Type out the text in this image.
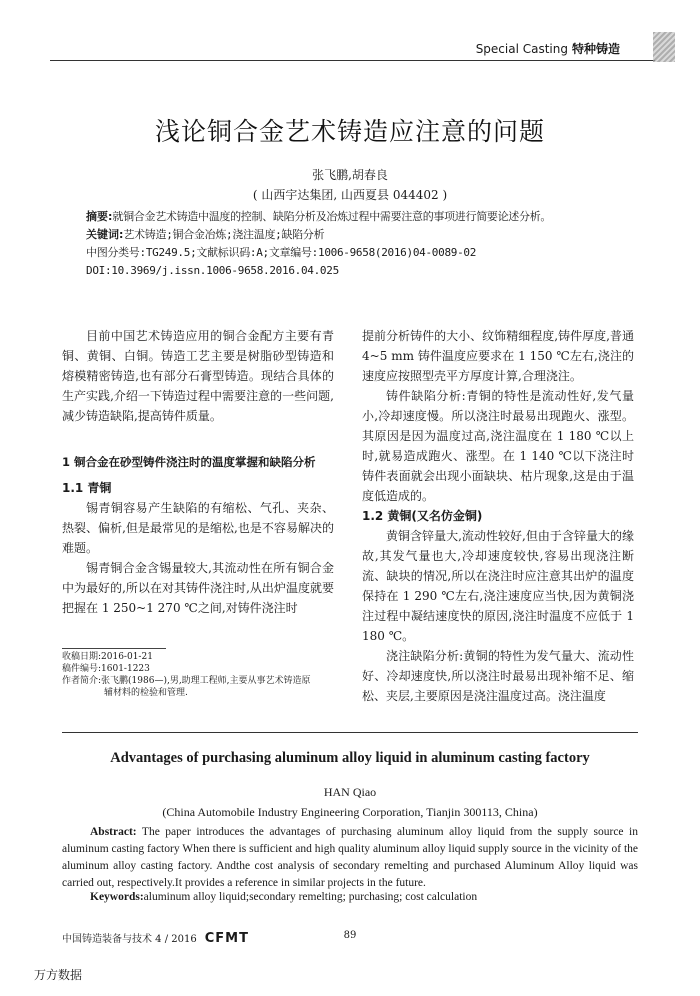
Special Casting 特种铸造
浅论铜合金艺术铸造应注意的问题
张飞鹏,胡春良
( 山西宇达集团, 山西夏县 044402 )
摘要:就铜合金艺术铸造中温度的控制、缺陷分析及冶炼过程中需要注意的事项进行简要论述分析。
关键词:艺术铸造;铜合金冶炼;浇注温度;缺陷分析
中图分类号:TG249.5;文献标识码:A;文章编号:1006-9658(2016)04-0089-02
DOI:10.3969/j.issn.1006-9658.2016.04.025

目前中国艺术铸造应用的铜合金配方主要有青铜、黄铜、白铜。铸造工艺主要是树脂砂型铸造和熔模精密铸造,也有部分石膏型铸造。现结合具体的生产实践,介绍一下铸造过程中需要注意的一些问题,减少铸造缺陷,提高铸件质量。

1 铜合金在砂型铸件浇注时的温度掌握和缺陷分析

1.1 青铜

锡青铜容易产生缺陷的有缩松、气孔、夹杂、热裂、偏析,但是最常见的是缩松,也是不容易解决的难题。

锡青铜合金含锡量较大,其流动性在所有铜合金中为最好的,所以在对其铸件浇注时,从出炉温度就要把握在 1 250~1 270 ℃之间,对铸件浇注时

提前分析铸件的大小、纹饰精细程度,铸件厚度,普通 4~5 mm 铸件温度应要求在 1 150 ℃左右,浇注的速度应按照型壳平方厚度计算,合理浇注。

铸件缺陷分析:青铜的特性是流动性好,发气量小,冷却速度慢。所以浇注时最易出现跑火、涨型。其原因是因为温度过高,浇注温度在 1 180 ℃以上时,就易造成跑火、涨型。在 1 140 ℃以下浇注时铸件表面就会出现小面缺块、枯片现象,这是由于温度低造成的。

1.2 黄铜(又名仿金铜)

黄铜含锌量大,流动性较好,但由于含锌量大的缘故,其发气量也大,冷却速度较快,容易出现浇注断流、缺块的情况,所以在浇注时应注意其出炉的温度保持在 1 290 ℃左右,浇注速度应当快,因为黄铜浇注过程中凝结速度快的原因,浇注时温度不应低于 1 180 ℃。

浇注缺陷分析:黄铜的特性为发气量大、流动性好、冷却速度快,所以浇注时最易出现补缩不足、缩松、夹层,主要原因是浇注温度过高。浇注温度

收稿日期:2016-01-21
稿件编号:1601-1223
作者简介:张飞鹏(1986—),男,助理工程师,主要从事艺术铸造原
辅材料的检验和管理.
Advantages of purchasing aluminum alloy liquid in aluminum casting factory
HAN Qiao
(China Automobile Industry Engineering Corporation, Tianjin 300113, China)

Abstract: The paper introduces the advantages of purchasing aluminum alloy liquid from the supply source in aluminum casting factory When there is sufficient and high quality aluminum alloy liquid supply source in the vicinity of the aluminum alloy casting factory. Andthe cost analysis of secondary remelting and purchased Aluminum Alloy liquid was carried out, respectively.It provides a reference in similar projects in the future.

Keywords:aluminum alloy liquid;secondary remelting; purchasing; cost calculation
中国铸造装备与技术 4 / 2016 CFMT	89
万方数据
